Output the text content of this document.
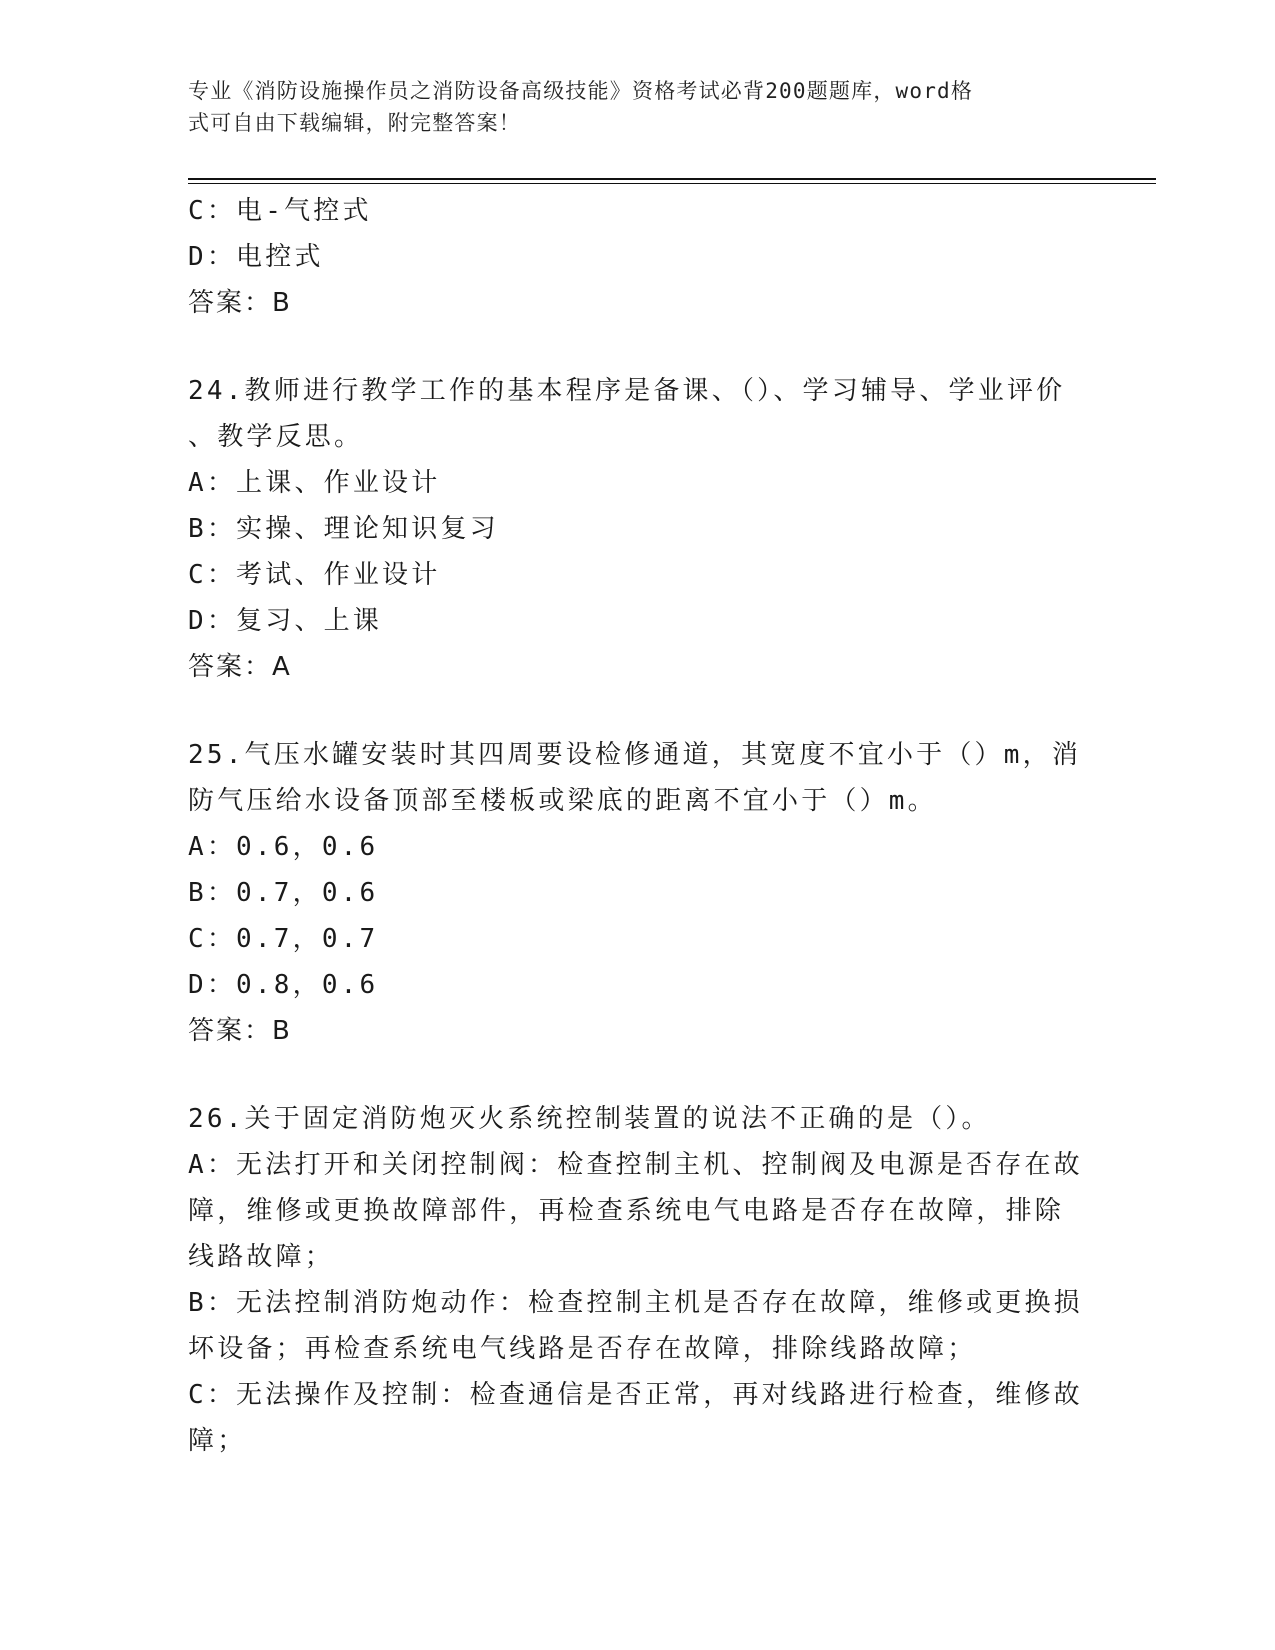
专业《消防设施操作员之消防设备高级技能》资格考试必背200题题库，word格
式可自由下载编辑，附完整答案！
C：电-气控式
D：电控式
答案：B
24.教师进行教学工作的基本程序是备课、（）、学习辅导、学业评价
、教学反思。
A：上课、作业设计
B：实操、理论知识复习
C：考试、作业设计
D：复习、上课
答案：A
25.气压水罐安装时其四周要设检修通道，其宽度不宜小于（）m，消
防气压给水设备顶部至楼板或梁底的距离不宜小于（）m。
A：0.6，0.6
B：0.7，0.6
C：0.7，0.7
D：0.8，0.6
答案：B
26.关于固定消防炮灭火系统控制装置的说法不正确的是（）。
A：无法打开和关闭控制阀：检查控制主机、控制阀及电源是否存在故
障，维修或更换故障部件，再检查系统电气电路是否存在故障，排除
线路故障；
B：无法控制消防炮动作：检查控制主机是否存在故障，维修或更换损
坏设备；再检查系统电气线路是否存在故障，排除线路故障；
C：无法操作及控制：检查通信是否正常，再对线路进行检查，维修故
障；
